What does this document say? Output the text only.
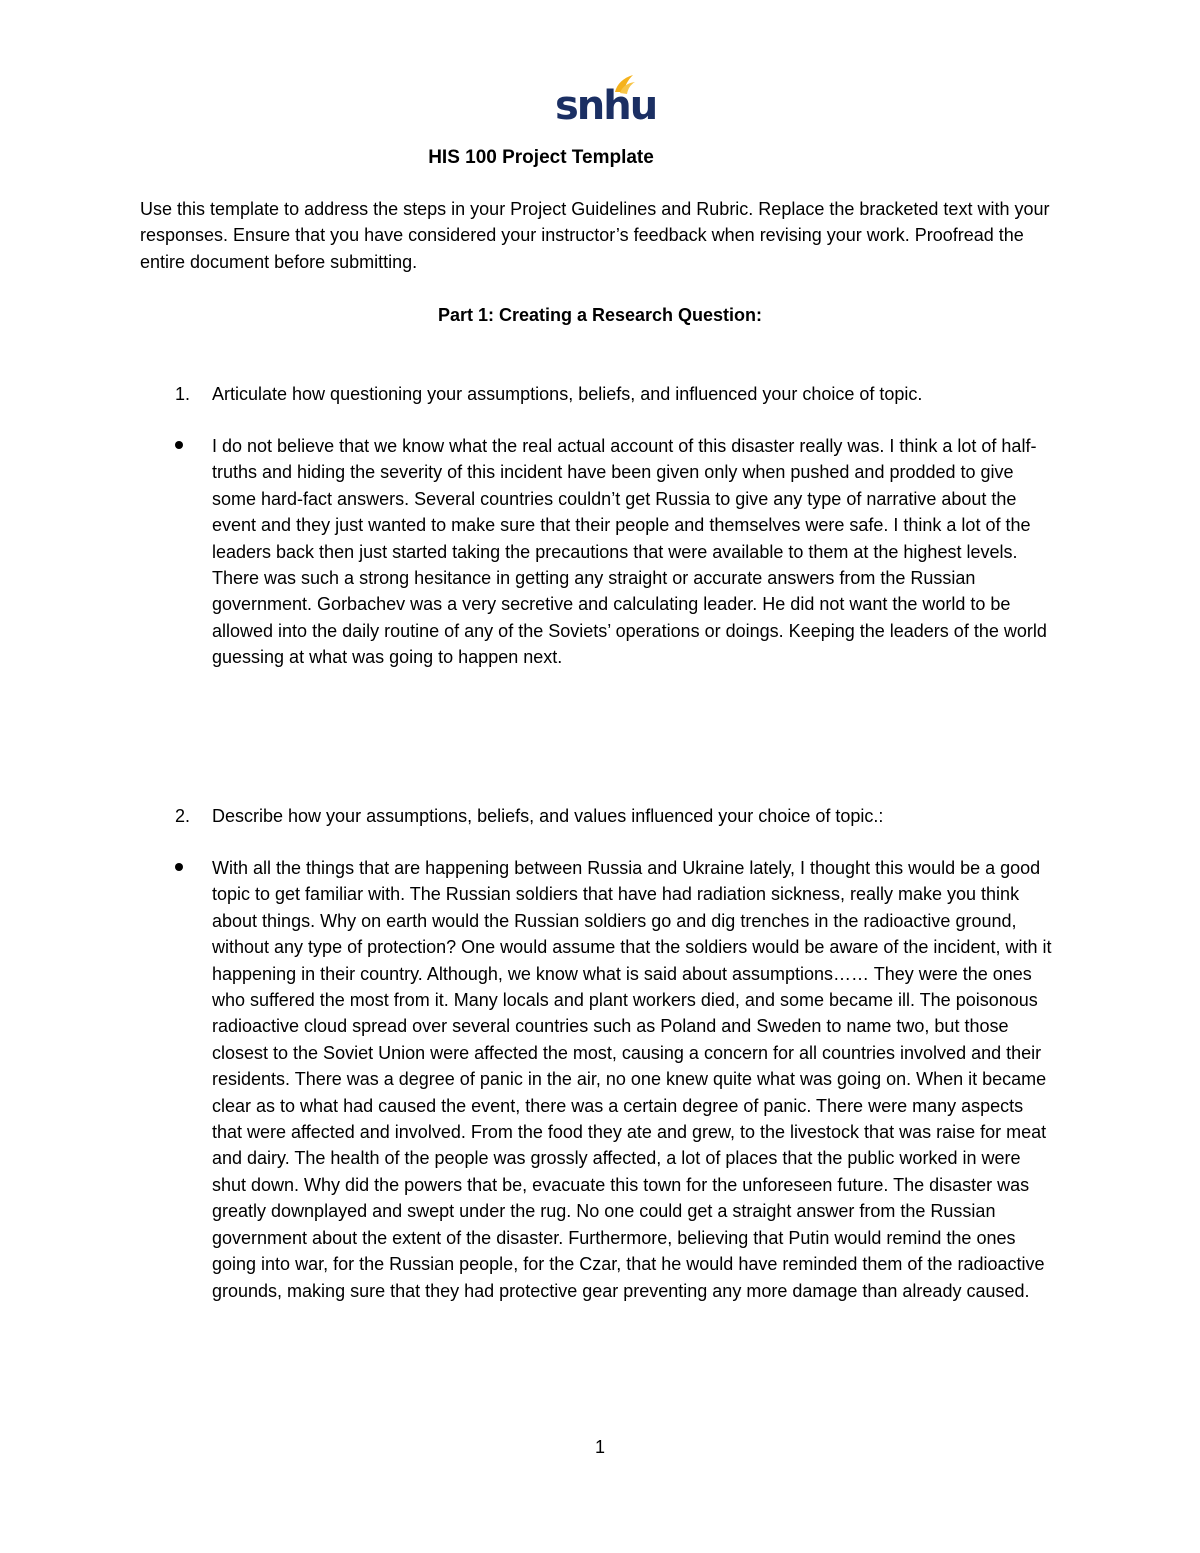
snhu
HIS 100 Project Template
Use this template to address the steps in your Project Guidelines and Rubric. Replace the bracketed text with your responses. Ensure that you have considered your instructor’s feedback when revising your work. Proofread the entire document before submitting.
Part 1: Creating a Research Question:
1. Articulate how questioning your assumptions, beliefs, and influenced your choice of topic.
I do not believe that we know what the real actual account of this disaster really was. I think a lot of half-truths and hiding the severity of this incident have been given only when pushed and prodded to give some hard-fact answers. Several countries couldn’t get Russia to give any type of narrative about the event and they just wanted to make sure that their people and themselves were safe. I think a lot of the leaders back then just started taking the precautions that were available to them at the highest levels. There was such a strong hesitance in getting any straight or accurate answers from the Russian government. Gorbachev was a very secretive and calculating leader. He did not want the world to be allowed into the daily routine of any of the Soviets’ operations or doings. Keeping the leaders of the world guessing at what was going to happen next.
2. Describe how your assumptions, beliefs, and values influenced your choice of topic.:
With all the things that are happening between Russia and Ukraine lately, I thought this would be a good topic to get familiar with. The Russian soldiers that have had radiation sickness, really make you think about things. Why on earth would the Russian soldiers go and dig trenches in the radioactive ground, without any type of protection? One would assume that the soldiers would be aware of the incident, with it happening in their country. Although, we know what is said about assumptions…… They were the ones who suffered the most from it. Many locals and plant workers died, and some became ill. The poisonous radioactive cloud spread over several countries such as Poland and Sweden to name two, but those closest to the Soviet Union were affected the most, causing a concern for all countries involved and their residents. There was a degree of panic in the air, no one knew quite what was going on. When it became clear as to what had caused the event, there was a certain degree of panic. There were many aspects that were affected and involved. From the food they ate and grew, to the livestock that was raise for meat and dairy. The health of the people was grossly affected, a lot of places that the public worked in were shut down. Why did the powers that be, evacuate this town for the unforeseen future. The disaster was greatly downplayed and swept under the rug. No one could get a straight answer from the Russian government about the extent of the disaster. Furthermore, believing that Putin would remind the ones going into war, for the Russian people, for the Czar, that he would have reminded them of the radioactive grounds, making sure that they had protective gear preventing any more damage than already caused.
1
